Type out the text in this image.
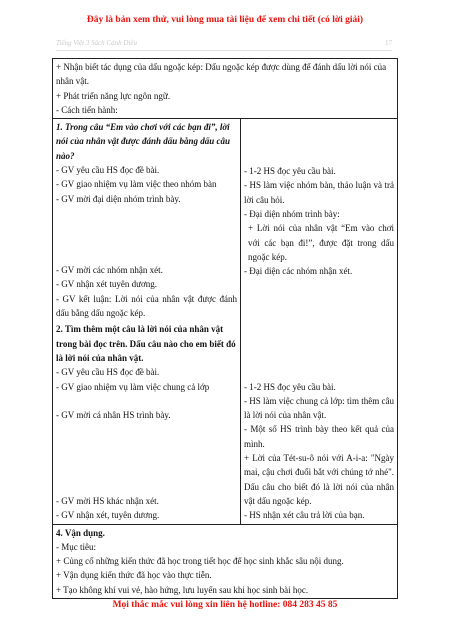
Đây là bản xem thử, vui lòng mua tài liệu để xem chi tiết (có lời giải)
Tiếng Việt 3 Sách Cánh Diều	17

+ Nhận biết tác dụng của dấu ngoặc kép: Dấu ngoặc kép được dùng để đánh dấu lời nói của nhân vật.

+ Phát triển năng lực ngôn ngữ.

- Cách tiến hành:

1. Trong câu “Em vào chơi với các bạn đi”, lời nói của nhân vật được đánh dấu bằng dấu câu nào?

- GV yêu cầu HS đọc đề bài.

- GV giao nhiệm vụ làm việc theo nhóm bàn

- GV mời đại diện nhóm trình bày.

- GV mời các nhóm nhận xét.

- GV nhận xét tuyên dương.

- GV kết luận: Lời nói của nhân vật được đánh dấu bằng dấu ngoặc kép.

- 1-2 HS đọc yêu cầu bài.

- HS làm việc nhóm bàn, thảo luận và trả lời câu hỏi.

- Đại diện nhóm trình bày:

+ Lời nói của nhân vật “Em vào chơi với các bạn đi!”, được đặt trong dấu ngoặc kép.

- Đại diện các nhóm nhận xét.

2. Tìm thêm một câu là lời nói của nhân vật trong bài đọc trên. Dấu câu nào cho em biết đó là lời nói của nhân vật.

- GV yêu cầu HS đọc đề bài.

- GV giao nhiệm vụ làm việc chung cả lớp

- GV mời cá nhân HS trình bày.

- GV mời HS khác nhận xét.

- GV nhận xét, tuyên dương.

- 1-2 HS đọc yêu cầu bài.

- HS làm việc chung cả lớp: tìm thêm câu là lời nói của nhân vật.

- Một số HS trình bày theo kết quả của mình.

+ Lời của Tét-su-ô nói với A-i-a: "Ngày mai, cậu chơi đuổi bắt với chúng tớ nhé". Dấu câu cho biết đó là lời nói của nhân vật dấu ngoặc kép.

- HS nhận xét câu trả lời của bạn.

4. Vận dụng.

- Mục tiêu:

+ Củng cố những kiến thức đã học trong tiết học để học sinh khắc sâu nội dung.

+ Vận dụng kiến thức đã học vào thực tiễn.

+ Tạo không khí vui vẻ, hào hứng, lưu luyến sau khi học sinh bài học.

Mọi thắc mắc vui lòng xin liên hệ hotline: 084 283 45 85
